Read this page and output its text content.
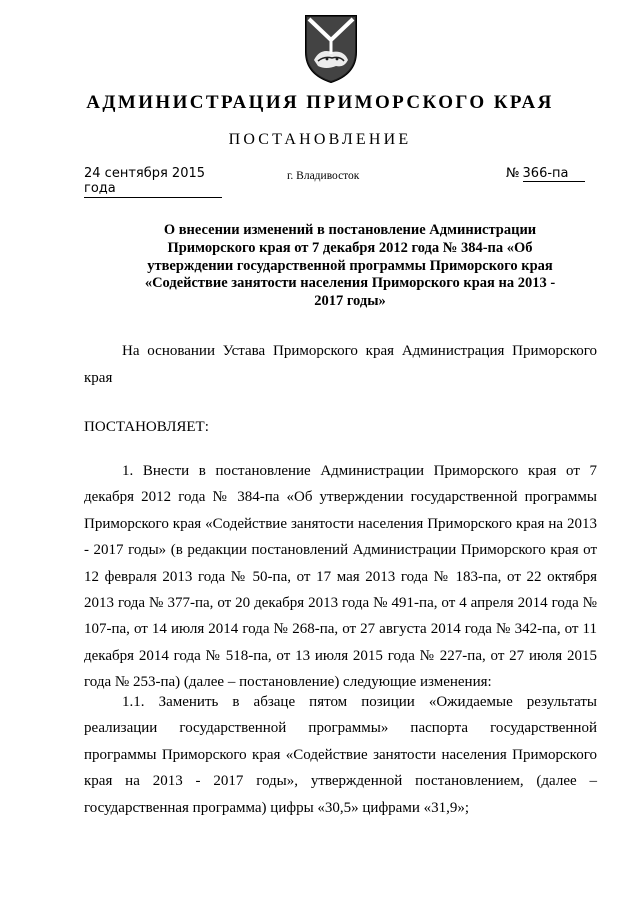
АДМИНИСТРАЦИЯ ПРИМОРСКОГО КРАЯ
ПОСТАНОВЛЕНИЕ
24 сентября 2015 года
г. Владивосток	№ 366-па
О внесении изменений в постановление Администрации Приморского края от 7 декабря 2012 года № 384-па «Об утверждении государственной программы Приморского края «Содействие занятости населения Приморского края на 2013 - 2017 годы»
На основании Устава Приморского края Администрация Приморского края
ПОСТАНОВЛЯЕТ:
1. Внести в постановление Администрации Приморского края от 7 декабря 2012 года № 384-па «Об утверждении государственной программы Приморского края «Содействие занятости населения Приморского края на 2013 - 2017 годы» (в редакции постановлений Администрации Приморского края от 12 февраля 2013 года № 50-па, от 17 мая 2013 года № 183-па, от 22 октября 2013 года № 377-па, от 20 декабря 2013 года № 491-па, от 4 апреля 2014 года № 107-па, от 14 июля 2014 года № 268-па, от 27 августа 2014 года № 342-па, от 11 декабря 2014 года № 518-па, от 13 июля 2015 года № 227-па, от 27 июля 2015 года № 253-па) (далее – постановление) следующие изменения:
1.1. Заменить в абзаце пятом позиции «Ожидаемые результаты реализации государственной программы» паспорта государственной программы Приморского края «Содействие занятости населения Приморского края на 2013 - 2017 годы», утвержденной постановлением, (далее – государственная программа) цифры «30,5» цифрами «31,9»;
